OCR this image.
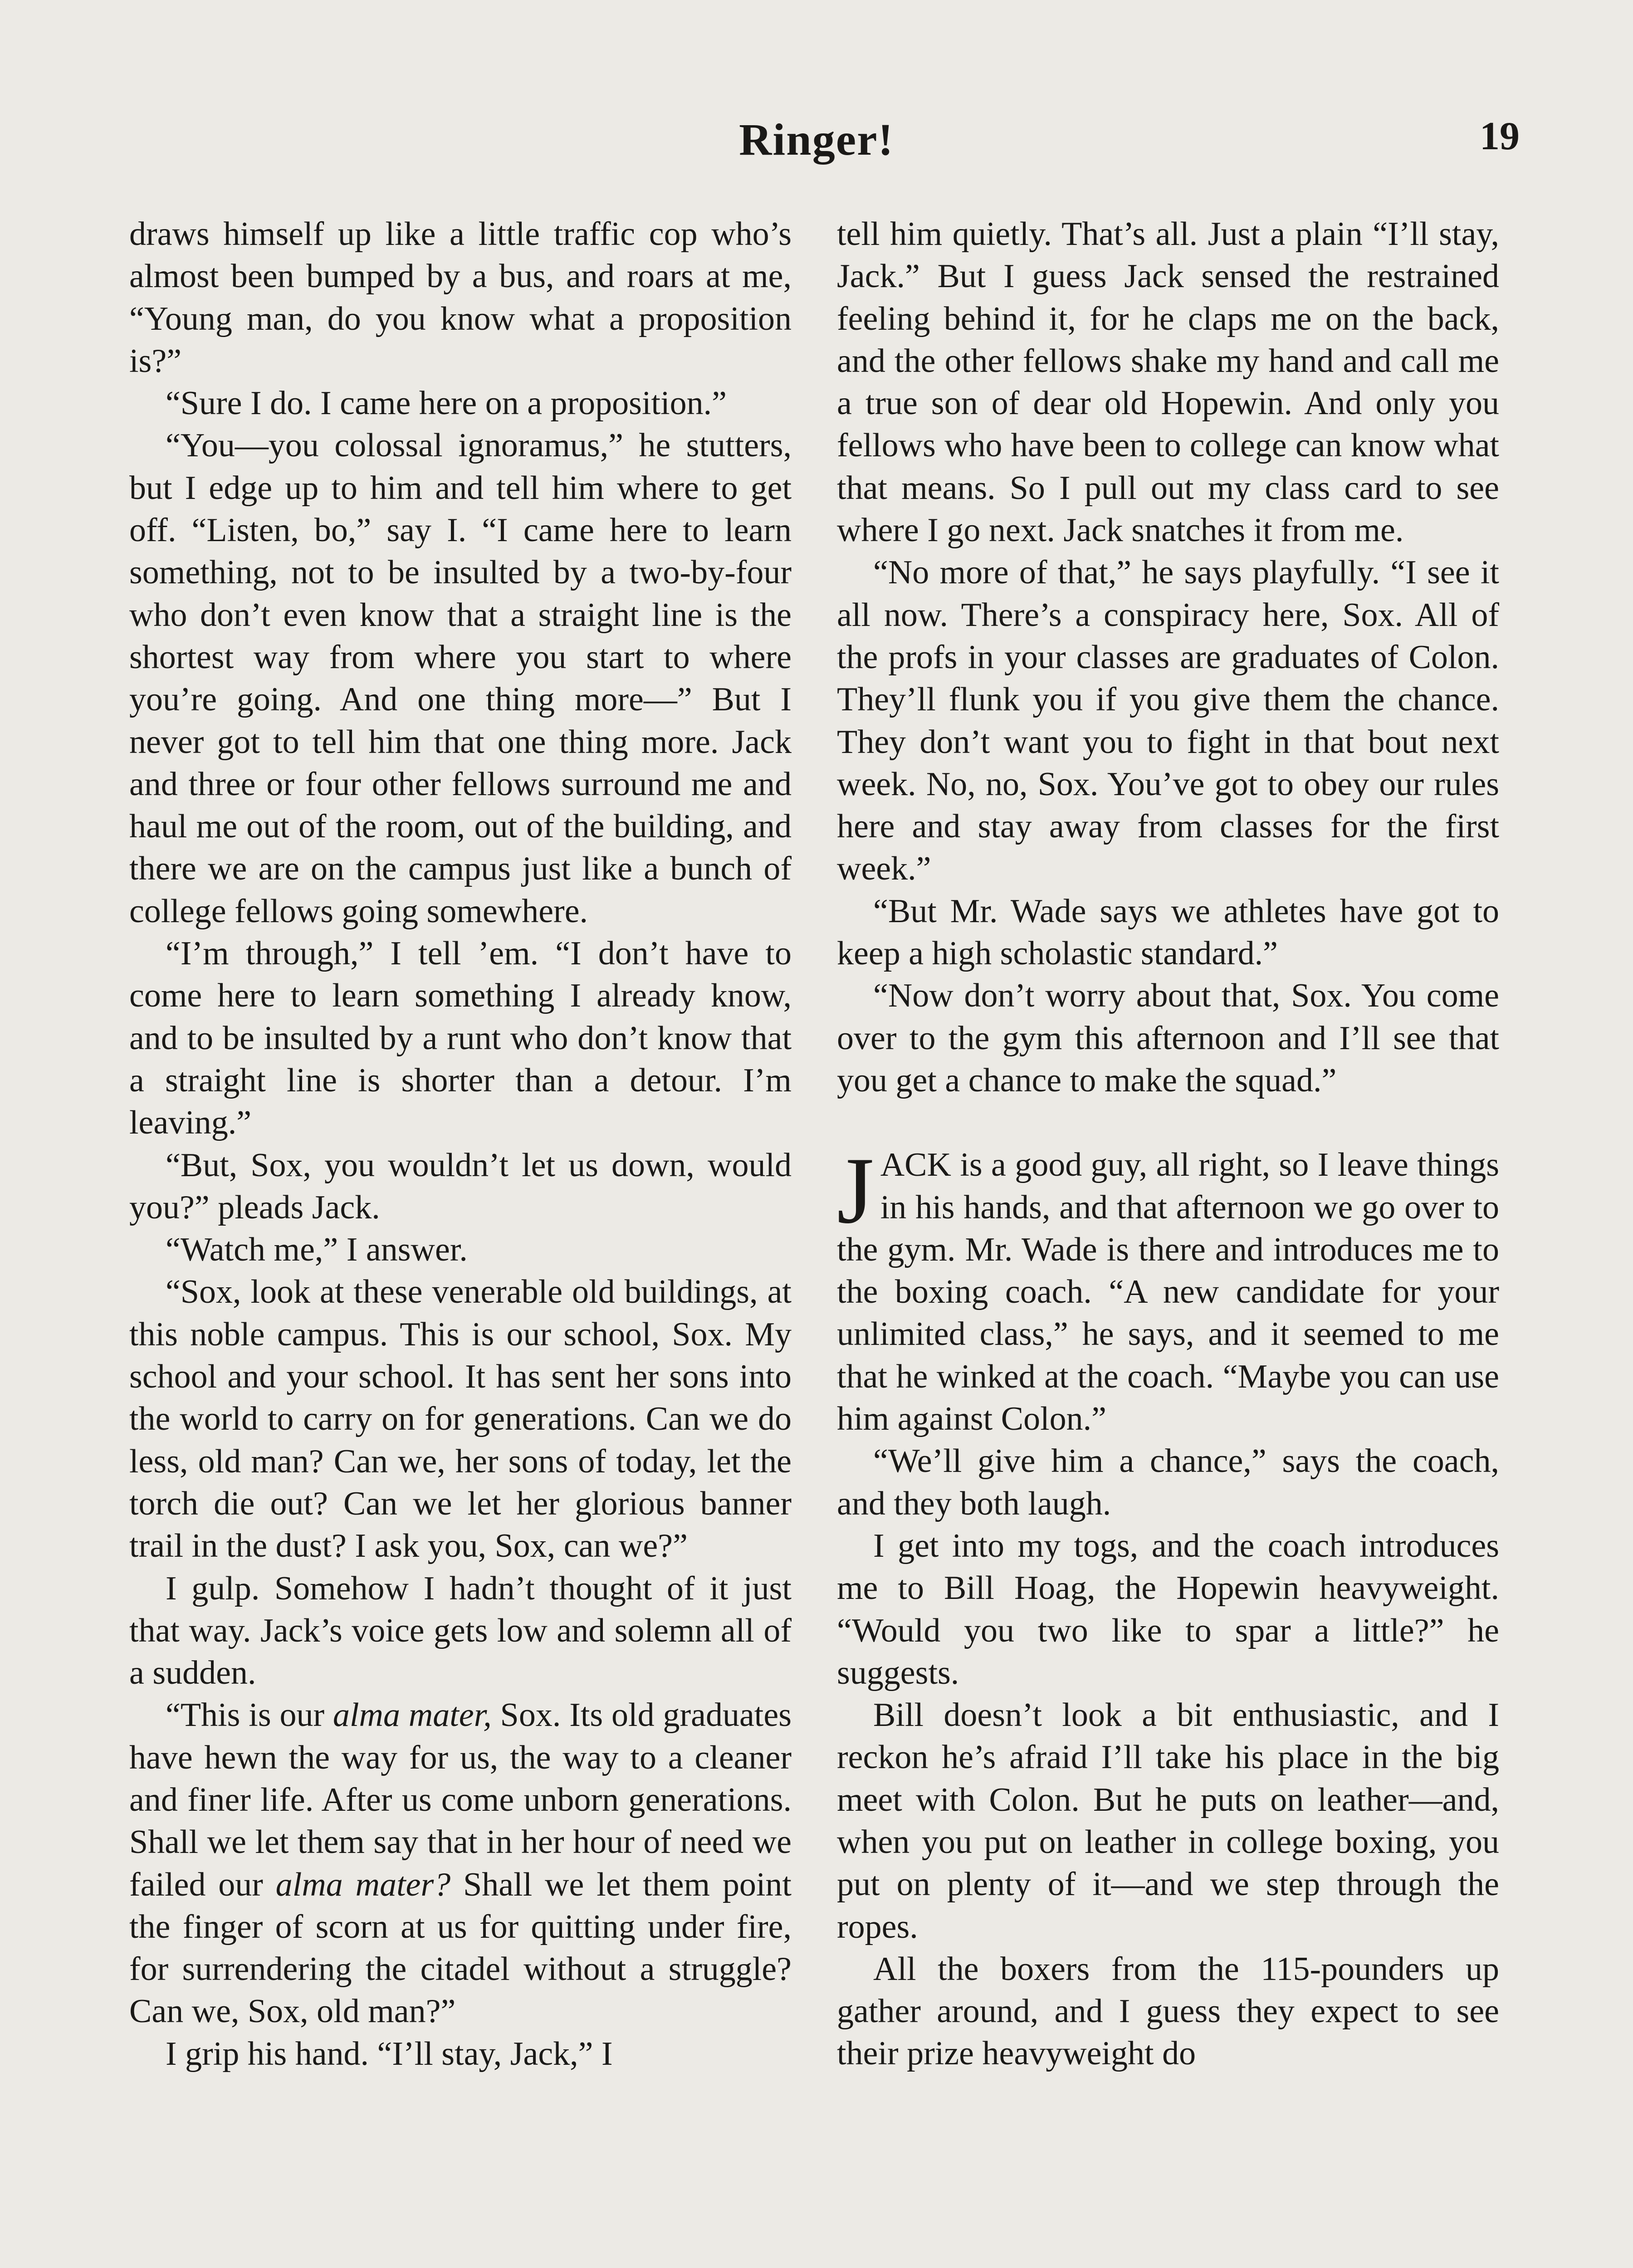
Ringer!	19

draws himself up like a little traffic cop who’s almost been bumped by a bus, and roars at me, “Young man, do you know what a proposition is?”

“Sure I do. I came here on a proposition.”

“You—you colossal ignoramus,” he stutters, but I edge up to him and tell him where to get off. “Listen, bo,” say I. “I came here to learn something, not to be insulted by a two-by-four who don’t even know that a straight line is the shortest way from where you start to where you’re going. And one thing more—” But I never got to tell him that one thing more. Jack and three or four other fellows surround me and haul me out of the room, out of the building, and there we are on the campus just like a bunch of college fellows going somewhere.

“I’m through,” I tell ’em. “I don’t have to come here to learn something I already know, and to be insulted by a runt who don’t know that a straight line is shorter than a detour. I’m leaving.”

“But, Sox, you wouldn’t let us down, would you?” pleads Jack.

“Watch me,” I answer.

“Sox, look at these venerable old buildings, at this noble campus. This is our school, Sox. My school and your school. It has sent her sons into the world to carry on for generations. Can we do less, old man? Can we, her sons of today, let the torch die out? Can we let her glorious banner trail in the dust? I ask you, Sox, can we?”

I gulp. Somehow I hadn’t thought of it just that way. Jack’s voice gets low and solemn all of a sudden.

“This is our alma mater, Sox. Its old graduates have hewn the way for us, the way to a cleaner and finer life. After us come unborn generations. Shall we let them say that in her hour of need we failed our alma mater? Shall we let them point the finger of scorn at us for quitting under fire, for surrendering the citadel without a struggle? Can we, Sox, old man?”

I grip his hand. “I’ll stay, Jack,” I

tell him quietly. That’s all. Just a plain “I’ll stay, Jack.” But I guess Jack sensed the restrained feeling behind it, for he claps me on the back, and the other fellows shake my hand and call me a true son of dear old Hopewin. And only you fellows who have been to college can know what that means. So I pull out my class card to see where I go next. Jack snatches it from me.

“No more of that,” he says playfully. “I see it all now. There’s a conspiracy here, Sox. All of the profs in your classes are graduates of Colon. They’ll flunk you if you give them the chance. They don’t want you to fight in that bout next week. No, no, Sox. You’ve got to obey our rules here and stay away from classes for the first week.”

“But Mr. Wade says we athletes have got to keep a high scholastic standard.”

“Now don’t worry about that, Sox. You come over to the gym this afternoon and I’ll see that you get a chance to make the squad.”

JACK is a good guy, all right, so I leave things in his hands, and that afternoon we go over to the gym. Mr. Wade is there and introduces me to the boxing coach. “A new candidate for your unlimited class,” he says, and it seemed to me that he winked at the coach. “Maybe you can use him against Colon.”

“We’ll give him a chance,” says the coach, and they both laugh.

I get into my togs, and the coach introduces me to Bill Hoag, the Hopewin heavyweight. “Would you two like to spar a little?” he suggests.

Bill doesn’t look a bit enthusiastic, and I reckon he’s afraid I’ll take his place in the big meet with Colon. But he puts on leather—and, when you put on leather in college boxing, you put on plenty of it—and we step through the ropes.

All the boxers from the 115-pounders up gather around, and I guess they expect to see their prize heavyweight do
